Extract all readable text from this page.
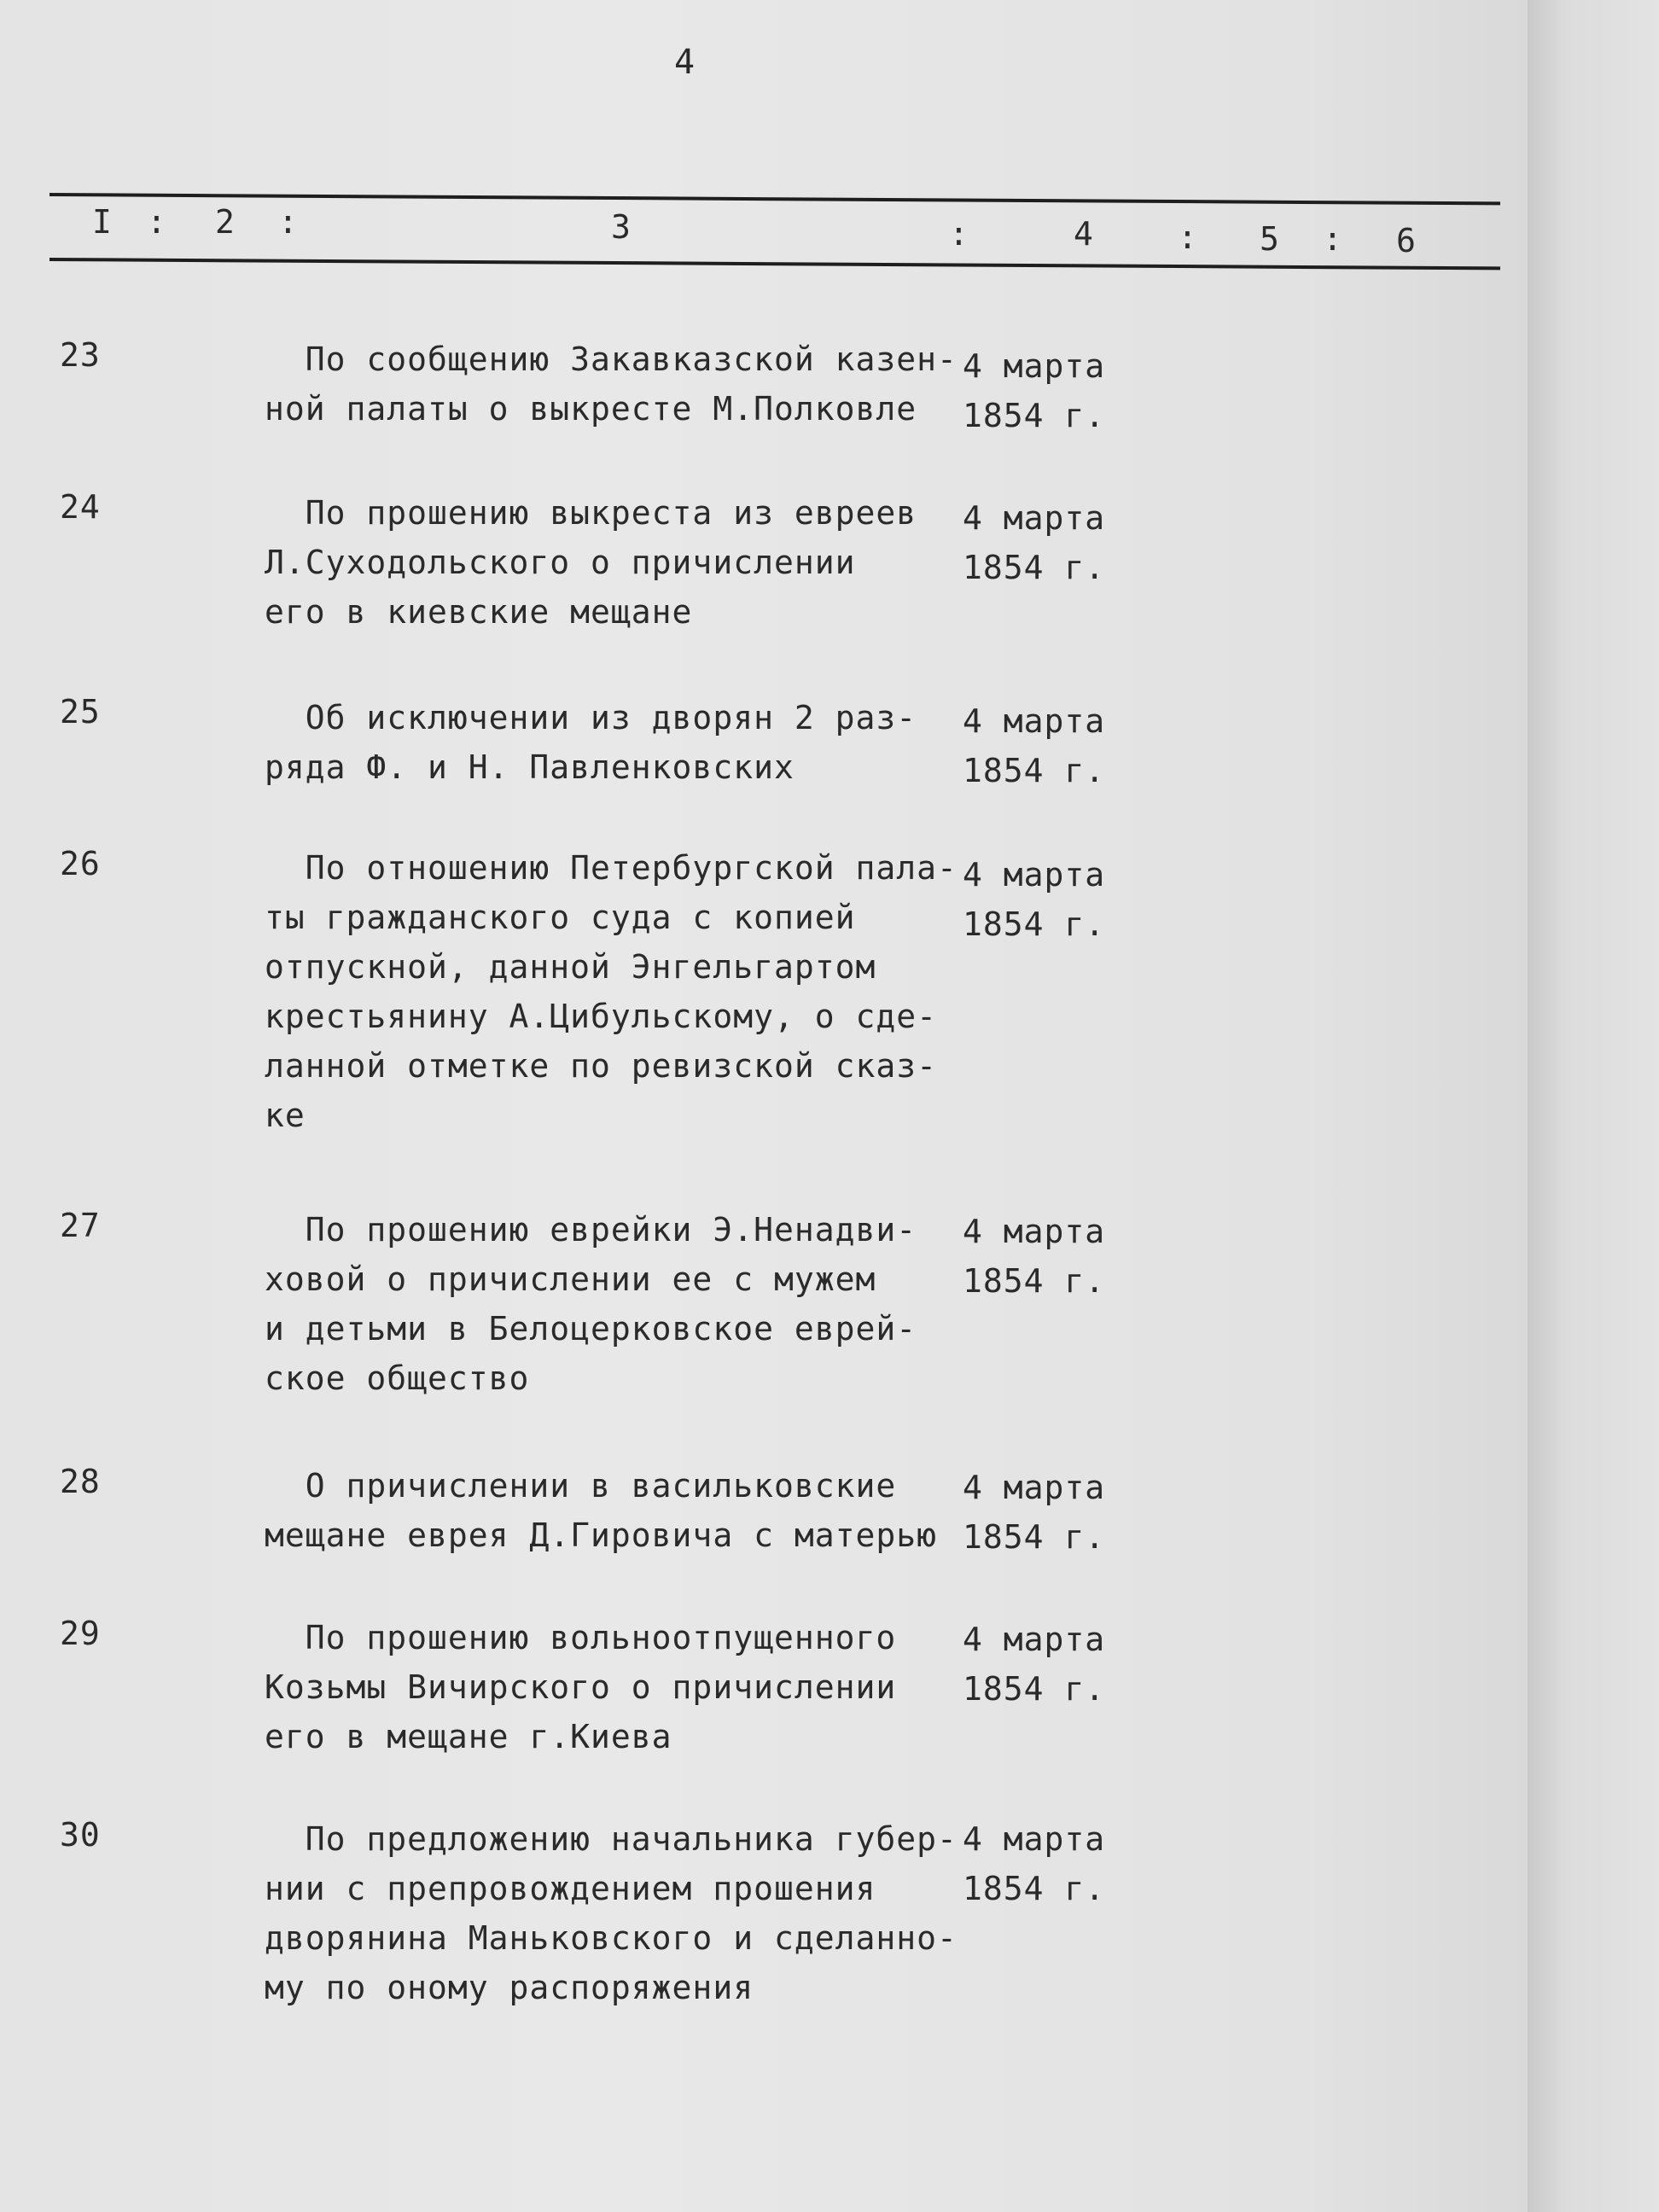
4
I : 2 :	3	:	4	: 5 : 6
23	По сообщению Закавказской казен-
ной палаты о выкресте М.Полковле
4 марта
1854 г.
24	По прошению выкреста из евреев
Л.Суходольского о причислении
его в киевские мещане
4 марта
1854 г.
25	Об исключении из дворян 2 раз-
ряда Ф. и Н. Павленковских
4 марта
1854 г.
26	По отношению Петербургской пала-
ты гражданского суда с копией
отпускной, данной Энгельгартом
крестьянину А.Цибульскому, о сде-
ланной отметке по ревизской сказ-
ке
4 марта
1854 г.
27	По прошению еврейки Э.Ненадви-
ховой о причислении ее с мужем
и детьми в Белоцерковское еврей-
ское общество
4 марта
1854 г.
28	О причислении в васильковские
мещане еврея Д.Гировича с матерью
4 марта
1854 г.
29	По прошению вольноотпущенного
Козьмы Вичирского о причислении
его в мещане г.Киева
4 марта
1854 г.
30	По предложению начальника губер-
нии с препровождением прошения
дворянина Маньковского и сделанно-
му по оному распоряжения
4 марта
1854 г.
